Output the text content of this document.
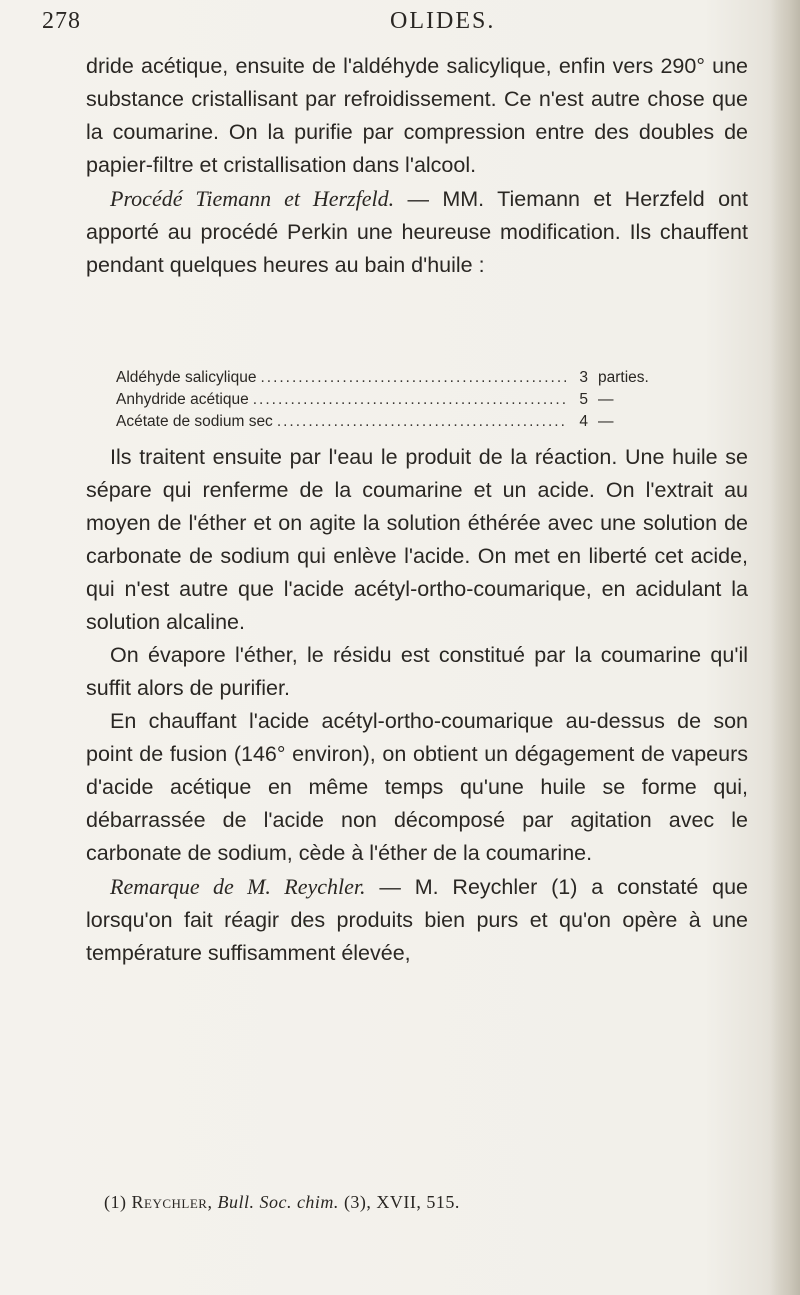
278	OLIDES.

dride acétique, ensuite de l'aldéhyde salicylique, enfin vers 290° une substance cristallisant par refroidissement. Ce n'est autre chose que la coumarine. On la purifie par compression entre des doubles de papier-filtre et cristallisation dans l'alcool.

Procédé Tiemann et Herzfeld. — MM. Tiemann et Herzfeld ont apporté au procédé Perkin une heureuse modification. Ils chauffent pendant quelques heures au bain d'huile :

Aldéhyde salicylique .....	3 parties.
Anhydride acétique .....	5 —
Acétate de sodium sec .....	4 —

Ils traitent ensuite par l'eau le produit de la réaction. Une huile se sépare qui renferme de la coumarine et un acide. On l'extrait au moyen de l'éther et on agite la solution éthérée avec une solution de carbonate de sodium qui enlève l'acide. On met en liberté cet acide, qui n'est autre que l'acide acétyl-ortho-coumarique, en acidulant la solution alcaline.

On évapore l'éther, le résidu est constitué par la coumarine qu'il suffit alors de purifier.

En chauffant l'acide acétyl-ortho-coumarique au-dessus de son point de fusion (146° environ), on obtient un dégagement de vapeurs d'acide acétique en même temps qu'une huile se forme qui, débarrassée de l'acide non décomposé par agitation avec le carbonate de sodium, cède à l'éther de la coumarine.

Remarque de M. Reychler. — M. Reychler (1) a constaté que lorsqu'on fait réagir des produits bien purs et qu'on opère à une température suffisamment élevée,

(1) Reychler, Bull. Soc. chim. (3), XVII, 515.
